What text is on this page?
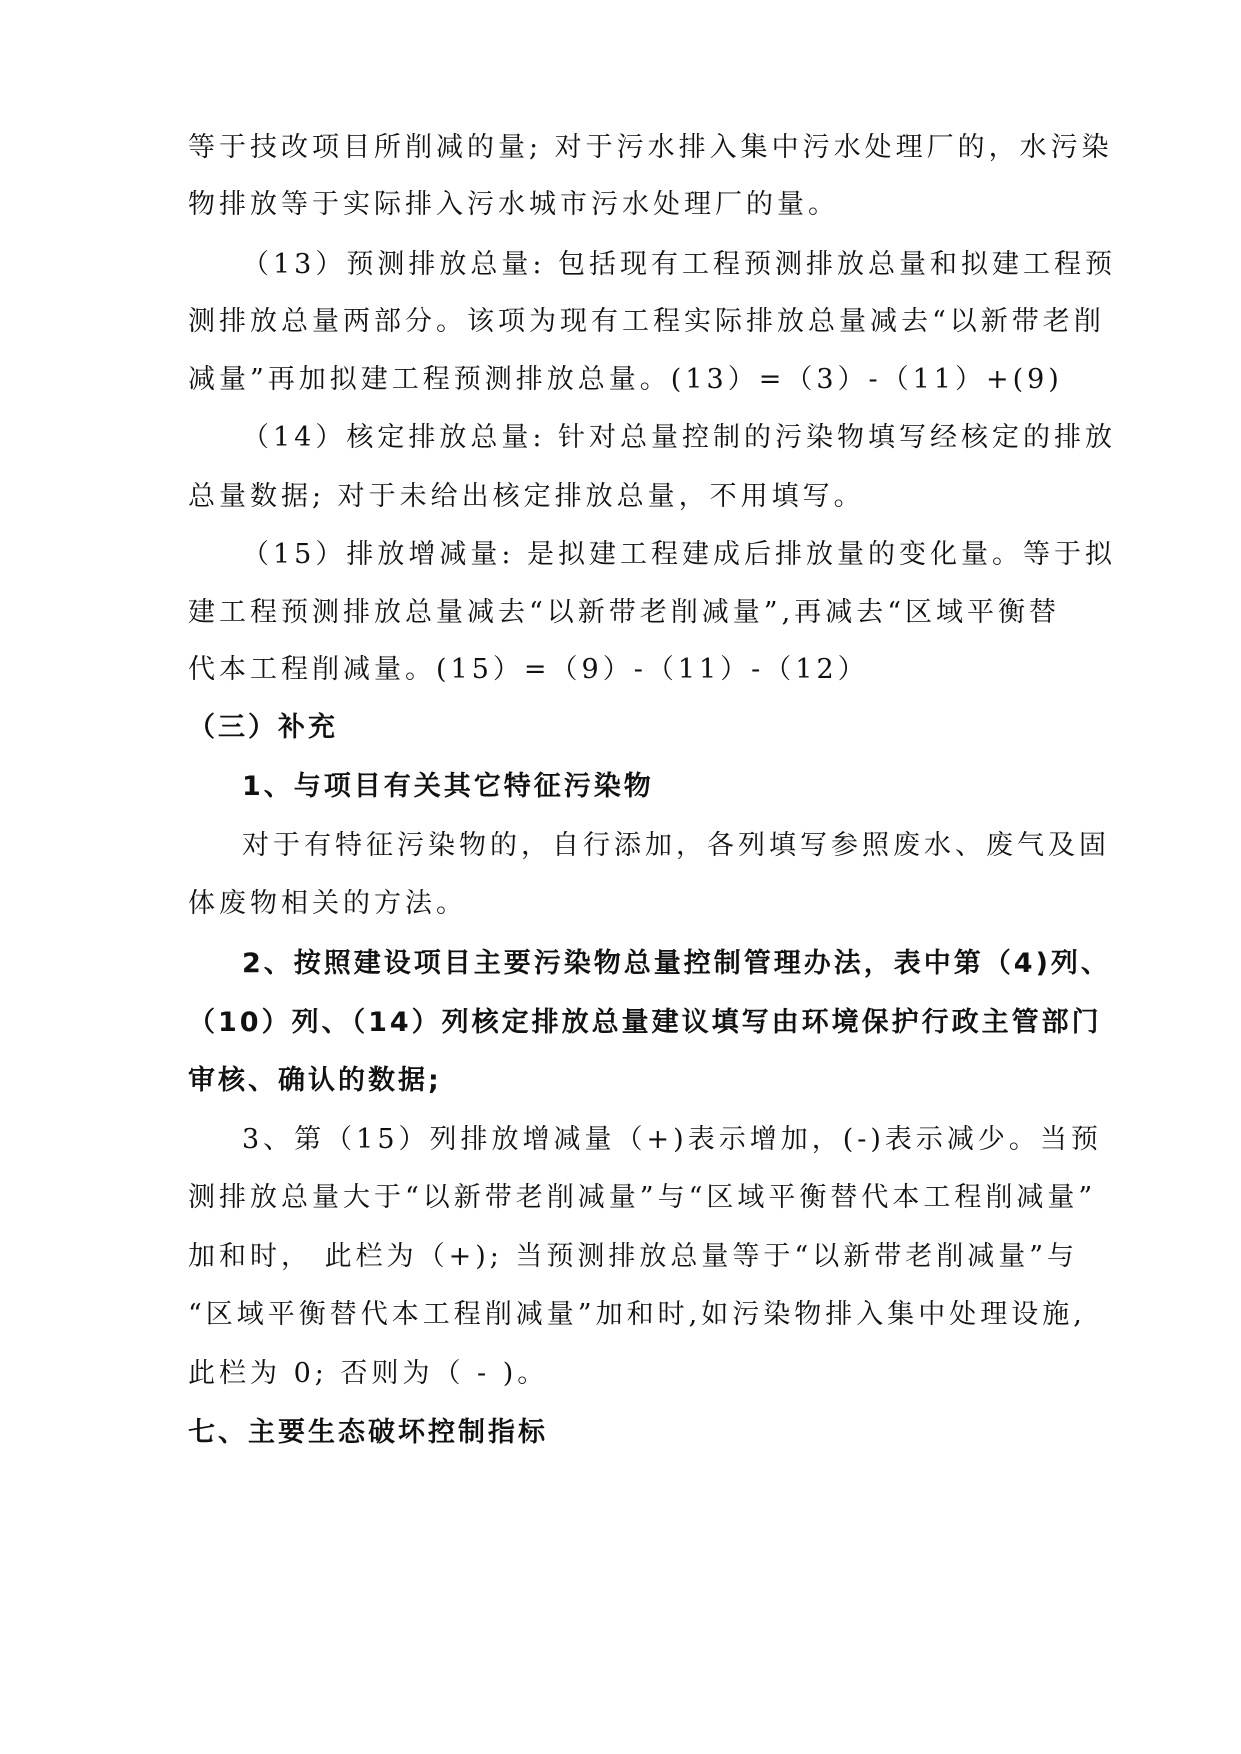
等于技改项目所削减的量; 对于污水排入集中污水处理厂的，水污染
物排放等于实际排入污水城市污水处理厂的量。
（13）预测排放总量: 包括现有工程预测排放总量和拟建工程预
测排放总量两部分。该项为现有工程实际排放总量减去“以新带老削
减量”再加拟建工程预测排放总量。(13）=（3）-（11）+(9)
（14）核定排放总量: 针对总量控制的污染物填写经核定的排放
总量数据; 对于未给出核定排放总量，不用填写。
（15）排放增减量: 是拟建工程建成后排放量的变化量。等于拟
建工程预测排放总量减去“以新带老削减量”,再减去“区域平衡替
代本工程削减量。(15）=（9）-（11）-（12）
（三）补充
1、与项目有关其它特征污染物
对于有特征污染物的，自行添加，各列填写参照废水、废气及固
体废物相关的方法。
2、按照建设项目主要污染物总量控制管理办法，表中第（4)列、
（10）列、（14）列核定排放总量建议填写由环境保护行政主管部门
审核、确认的数据;
3、第（15）列排放增减量（+)表示增加，(-)表示减少。当预
测排放总量大于“以新带老削减量”与“区域平衡替代本工程削减量”
加和时， 此栏为（+); 当预测排放总量等于“以新带老削减量”与
“区域平衡替代本工程削减量”加和时,如污染物排入集中处理设施,
此栏为 0; 否则为（ - )。
七、主要生态破坏控制指标
